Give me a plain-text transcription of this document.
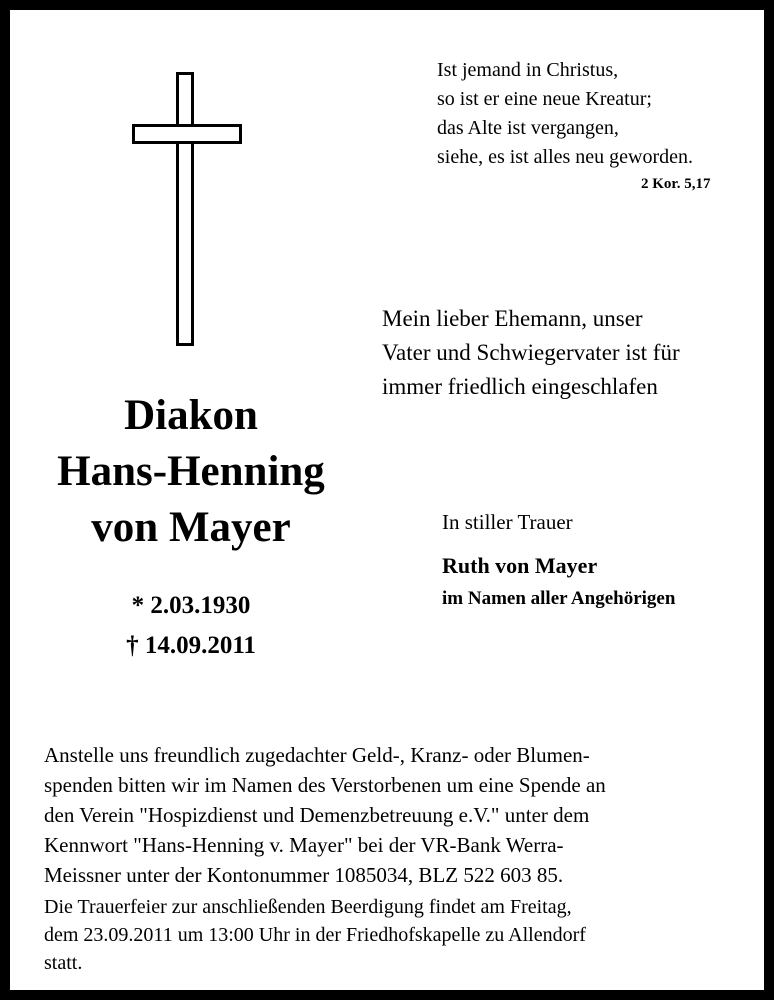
Ist jemand in Christus,
so ist er eine neue Kreatur;
das Alte ist vergangen,
siehe, es ist alles neu geworden.
2 Kor. 5,17
Mein lieber Ehemann, unser
Vater und Schwiegervater ist für
immer friedlich eingeschlafen
Diakon
Hans-Henning
von Mayer
* 2.03.1930
† 14.09.2011
In stiller Trauer
Ruth von Mayer
im Namen aller Angehörigen
Anstelle uns freundlich zugedachter Geld-, Kranz- oder Blumen-
spenden bitten wir im Namen des Verstorbenen um eine Spende an
den Verein "Hospizdienst und Demenzbetreuung e.V." unter dem
Kennwort "Hans-Henning v. Mayer" bei der VR-Bank Werra-
Meissner unter der Kontonummer 1085034, BLZ 522 603 85.
Die Trauerfeier zur anschließenden Beerdigung findet am Freitag,
dem 23.09.2011 um 13:00 Uhr in der Friedhofskapelle zu Allendorf
statt.
